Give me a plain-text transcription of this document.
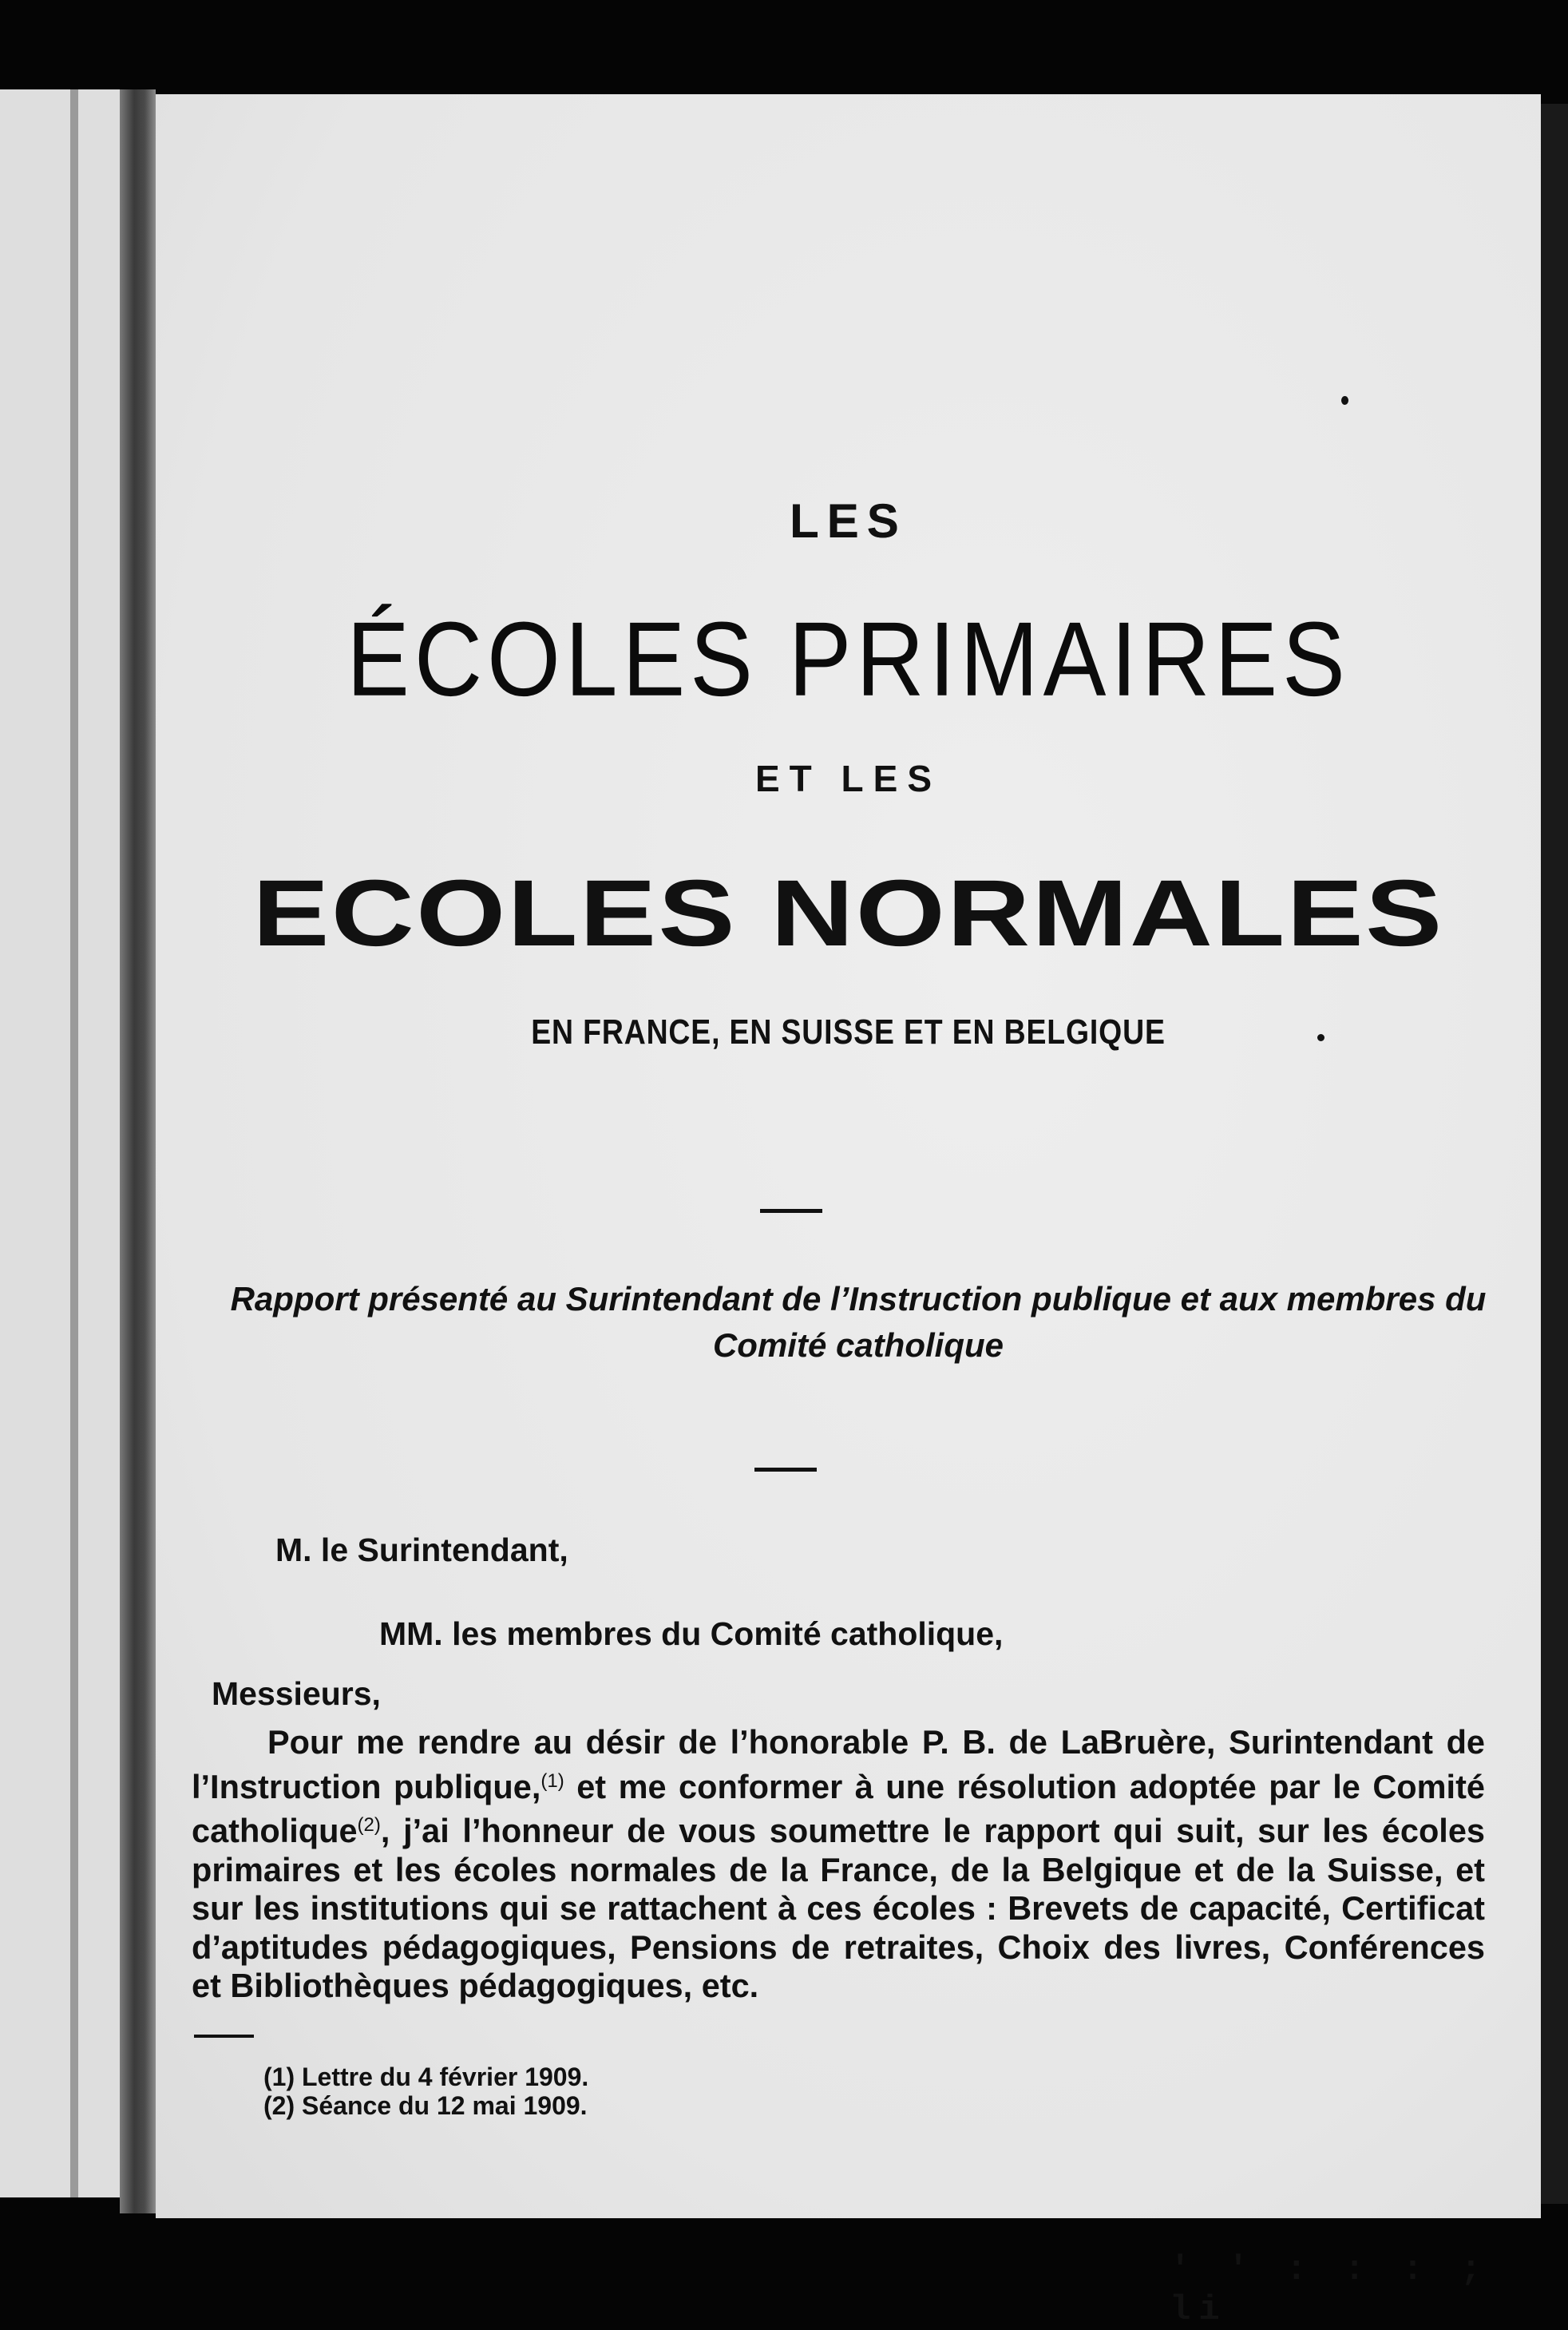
LES
ÉCOLES PRIMAIRES
ET LES
ECOLES NORMALES
EN FRANCE, EN SUISSE ET EN BELGIQUE
Rapport présenté au Surintendant de l’Instruction publique et aux membres du Comité catholique
M. le Surintendant,
MM. les membres du Comité catholique,
Messieurs,
Pour me rendre au désir de l’honorable P. B. de LaBruère, Surintendant de l’Instruction publique,$^{(1)}$ et me conformer à une résolution adoptée par le Comité catholique$^{(2)}$, j’ai l’honneur de vous soumettre le rapport qui suit, sur les écoles primaires et les écoles normales de la France, de la Belgique et de la Suisse, et sur les institutions qui se rattachent à ces écoles : Brevets de capacité, Certificat d’aptitudes pédagogiques, Pensions de retraites, Choix des livres, Conférences et Bibliothèques pédagogiques, etc.
(1) Lettre du 4 février 1909.
(2) Séance du 12 mai 1909.
' ' : : : ; li
